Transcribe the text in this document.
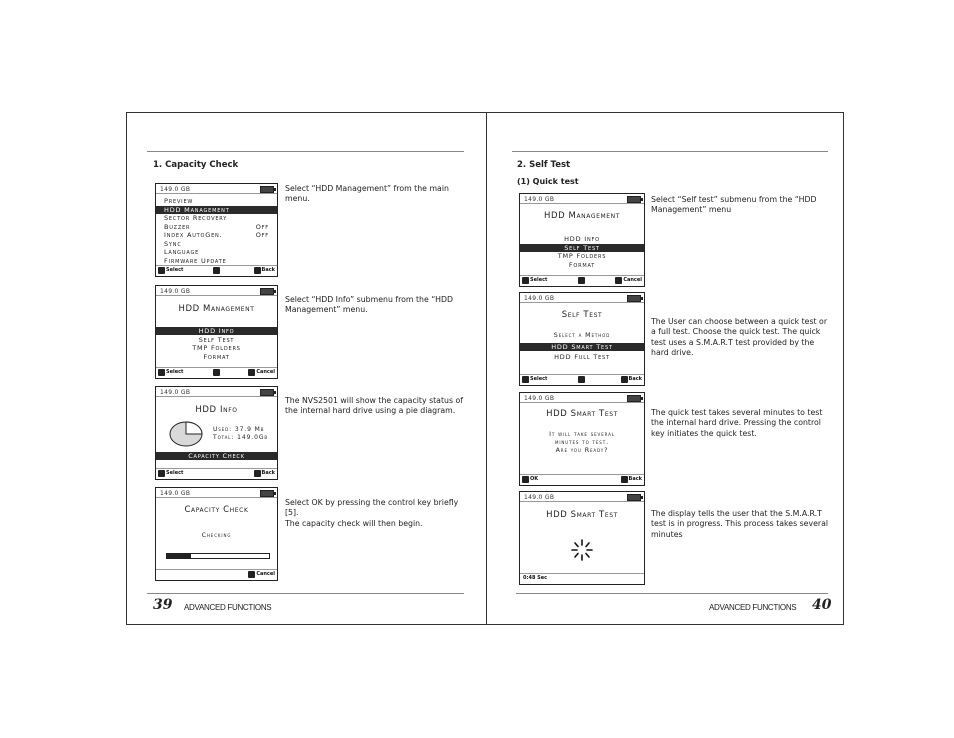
1. Capacity Check
149.0 GB
Preview
HDD Management
Sector Recovery
Buzzer	Off
Index AutoGen.	Off
Sync
Language
Firmware Update
Select	Back
Select “HDD Management” from the main
menu.
149.0 GB
HDD Management
HDD Info
Self Test
TMP Folders
Format
Select	Cancel
Select “HDD Info” submenu from the “HDD
Management” menu.
149.0 GB
HDD Info
Used: 37.9 Mb
Total: 149.0Gb
Capacity Check
Select	Back
The NVS2501 will show the capacity status of
the internal hard drive using a pie diagram.
149.0 GB
Capacity Check
Checking
Cancel
Select OK by pressing the control key briefly
[5].
The capacity check will then begin.
39 ADVANCED FUNCTIONS
2. Self Test
(1) Quick test
149.0 GB
HDD Management
HDD Info
Self Test
TMP Folders
Format
Select	Cancel
Select “Self test” submenu from the “HDD
Management” menu
149.0 GB
Self Test
Select a Method
HDD Smart Test
HDD Full Test
Select	Back
The User can choose between a quick test or
a full test. Choose the quick test. The quick
test uses a S.M.A.R.T test provided by the
hard drive.
149.0 GB
HDD Smart Test
It will take several
minutes to test.
Are you Ready?
OK	Back
The quick test takes several minutes to test
the internal hard drive. Pressing the control
key initiates the quick test.
149.0 GB
HDD Smart Test
0:48 Sec
The display tells the user that the S.M.A.R.T
test is in progress. This process takes several
minutes
ADVANCED FUNCTIONS 40
